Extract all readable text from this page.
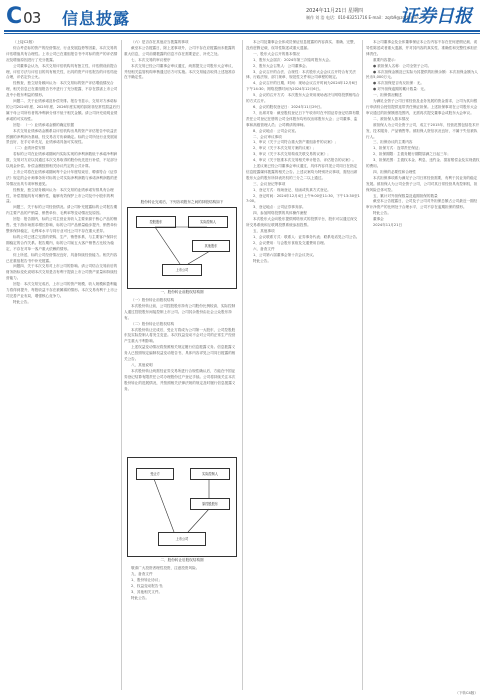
C 03 信息披露	2024年11月21日 星期四
制作 刘 浩 电话：010-83251716 E-mail：zqrb9@zqrb.sina.net
证券日报

（上接C2版）

综合考虑标的资产的经营情况、行业发展趋势等因素，本次交易的评估增值具有合理性。上市公司已在重组报告书中对标的资产的评估情况及增值原因进行了充分披露。

公司董事会认为，本次交易评估机构具有独立性，评估假设前提合理，评估方法与评估目的具有相关性，出具的资产评估报告的评估结论合理，评估定价公允。

经核查，独立财务顾问认为：本次交易标的资产评估增值情况合理，相关信息已在重组报告书中进行了充分披露，不存在损害上市公司及中小股东利益的情形。

问题二、关于业绩承诺及补偿安排。报告书显示，交易对方承诺标的公司2024年度、2025年度、2026年度实现的扣除非经常性损益后归属于母公司所有者的净利润分别不低于相关金额。请公司补充说明业绩承诺的可实现性。

回复：（一）业绩承诺金额的确定依据

本次交易业绩承诺金额系以评估机构出具的资产评估报告中收益法预测的净利润为基础，经交易各方协商确定。标的公司所处行业发展前景良好，在手订单充足，业绩承诺具备可实现性。

（二）业绩补偿安排

若标的公司在业绩承诺期间内实际实现的净利润数低于承诺净利润数，交易对方应以其通过本次交易取得的股份优先进行补偿，不足部分以现金补偿。补偿金额按照相关协议约定的公式计算。

上市公司将在业绩承诺期间每个会计年度结束后，聘请符合《证券法》规定的会计师事务所对标的公司实际净利润数与承诺净利润数的差异情况出具专项审核意见。

经核查，独立财务顾问认为：本次交易的业绩承诺安排具有合理性，补偿措施具有可操作性，能够有效保护上市公司及中小股东的利益。

问题三、关于标的公司经营情况。请公司补充披露标的公司报告期内主要产品的产销量、销售单价、毛利率等变动情况及原因。

回复：报告期内，标的公司主营业务收入主要来源于核心产品的销售。受下游市场需求增长影响，标的公司产品销量稳步提升，销售单价整体保持稳定，毛利率水平与同行业可比公司不存在重大差异。

标的公司已建立完善的采购、生产、销售体系，与主要客户保持长期稳定的合作关系。报告期内，标的公司前五大客户销售占比较为稳定，不存在对单一客户重大依赖的情形。

综上所述，标的公司经营情况良好，具备持续经营能力。相关内容已在重组报告书中补充披露。

问题四、关于本次交易对上市公司的影响。请公司结合交易前后的财务指标变化说明本次交易是否有利于提高上市公司资产质量和持续经营能力。

回复：本次交易完成后，上市公司的资产规模、收入规模和盈利能力将得到提升，每股收益不存在被摊薄的情形。本次交易有利于上市公司完善产业布局，增强核心竞争力。

特此公告。

（六）是否存在其他应当披露的事项

截至本公告披露日，除上述事项外，公司不存在应披露而未披露的重大信息，公司前期披露的信息不存在需要更正、补充之处。

七、本次交易的审议程序

本次交易已经公司董事会审议通过，尚需提交公司股东大会审议，并经相关监管机构审核通过后方可实施。本次交易能否取得上述批准存在不确定性。

股份转让完成后，下列各项股东之间的持股结构如下
控股股东	实际控制人
上市公司
其他股东
一、股份转让前股权结构图

（一）股份转让前股权结构

本次股份转让前，公司控股股东持有公司股份比例较高，实际控制人通过控股股东间接控制上市公司。公司其余股份由社会公众股东持有。

（二）股份转让后股权结构

本次股份转让完成后，受让方将成为公司第一大股东，公司控股股东及实际控制人将发生变更。本次权益变动不会对公司的正常生产经营产生重大不利影响。

上述权益变动情况将按照相关规定履行信息披露义务。信息披露义务人已按照规定编制权益变动报告书，具体内容详见公司同日披露的相关公告。

八、其他说明

本次股份转让尚需经证券交易所进行合规性确认后，方能在中国证券登记结算有限责任公司办理股份过户登记手续。公司将持续关注本次股份转让的进展情况，并按照相关法律法规的规定及时履行信息披露义务。

受让方	实际控制人
原控股股东
上市公司
二、股份转让后股权结构图

敬请广大投资者理性投资，注意投资风险。

九、备查文件

1、股份转让协议；

2、权益变动报告书；

3、其他相关文件。

特此公告。

本公司及董事会全体成员保证信息披露的内容真实、准确、完整，没有虚假记载、误导性陈述或重大遗漏。

一、股东大会召开的基本情况

1、股东大会届次：2024年第三次临时股东大会。

2、股东大会召集人：公司董事会。

3、会议召开的合法、合规性：本次股东大会会议召开符合有关法律、行政法规、部门规章、规范性文件和公司章程的规定。

4、会议召开的日期、时间：现场会议召开时间为2024年12月6日下午14:30；网络投票时间为2024年12月6日。

5、会议的召开方式：本次股东大会采用现场表决与网络投票相结合的方式召开。

6、会议的股权登记日：2024年11月29日。

7、出席对象：截至股权登记日下午收市时在中国证券登记结算有限责任公司登记在册的公司全体股东均有权出席股东大会；公司董事、监事和高级管理人员；公司聘请的律师。

8、会议地点：公司会议室。

二、会议审议事项

1、审议《关于公司符合重大资产重组条件的议案》；

2、审议《关于本次交易方案的议案》；

3、审议《关于本次交易构成关联交易的议案》；

4、审议《关于批准本次交易相关审计报告、评估报告的议案》。

上述议案已经公司董事会审议通过，具体内容详见公司同日在指定信息披露媒体披露的相关公告。上述议案均为特别决议事项，需经出席股东大会的股东所持表决权的三分之二以上通过。

三、会议登记等事项

1、登记方式：现场登记、信函或传真方式登记。

2、登记时间：2024年12月4日上午9:00至11:30，下午13:30至17:00。

3、登记地点：公司证券事务部。

四、参加网络投票的具体操作流程

本次股东大会向股东提供网络形式的投票平台，股东可以通过深交所交易系统和互联网投票系统参加投票。

五、其他事项

1、会议联系方式：联系人：证券事务代表；联系电话见公司公告。

2、会议费用：与会股东食宿及交通费用自理。

六、备查文件

1、公司第六届董事会第十次会议决议。

特此公告。

本公司董事会及全体董事保证本公告内容不存在任何虚假记载、误导性陈述或者重大遗漏，并对其内容的真实性、准确性和完整性承担法律责任。

重要内容提示：

● 被担保人名称：公司全资子公司。

● 本次担保金额及已实际为其提供的担保余额：本次担保金额为人民币5,000万元。

● 本次担保是否有反担保：无。

● 对外担保逾期的累计数量：无。

一、担保情况概述

为满足全资子公司日常经营及业务发展的资金需求，公司为其向银行申请综合授信提供连带责任保证担保。上述担保事项在公司股东大会审议通过的担保额度范围内，无需再次提交董事会或股东大会审议。

二、被担保人基本情况

被担保人为公司全资子公司，成立于2015年，经营范围包括技术开发、技术服务、产品销售等。被担保人资信状况良好，不属于失信被执行人。

三、担保协议的主要内容

1、担保方式：连带责任保证；

2、担保期限：主债务履行期限届满之日起三年；

3、担保范围：主债权本金、利息、违约金、损害赔偿金及实现债权的费用。

四、担保的必要性和合理性

本次担保事项系为满足子公司日常经营需要，有利于其业务的稳定发展。被担保人为公司全资子公司，公司对其日常经营具有控制权，担保风险总体可控。

五、累计对外担保数量及逾期担保的数量

截至本公告披露日，公司及子公司对外担保总额占公司最近一期经审计净资产的比例处于合理水平，公司不存在逾期担保的情形。

特此公告。

董事会

2024年11月21日

（下转C4版）
